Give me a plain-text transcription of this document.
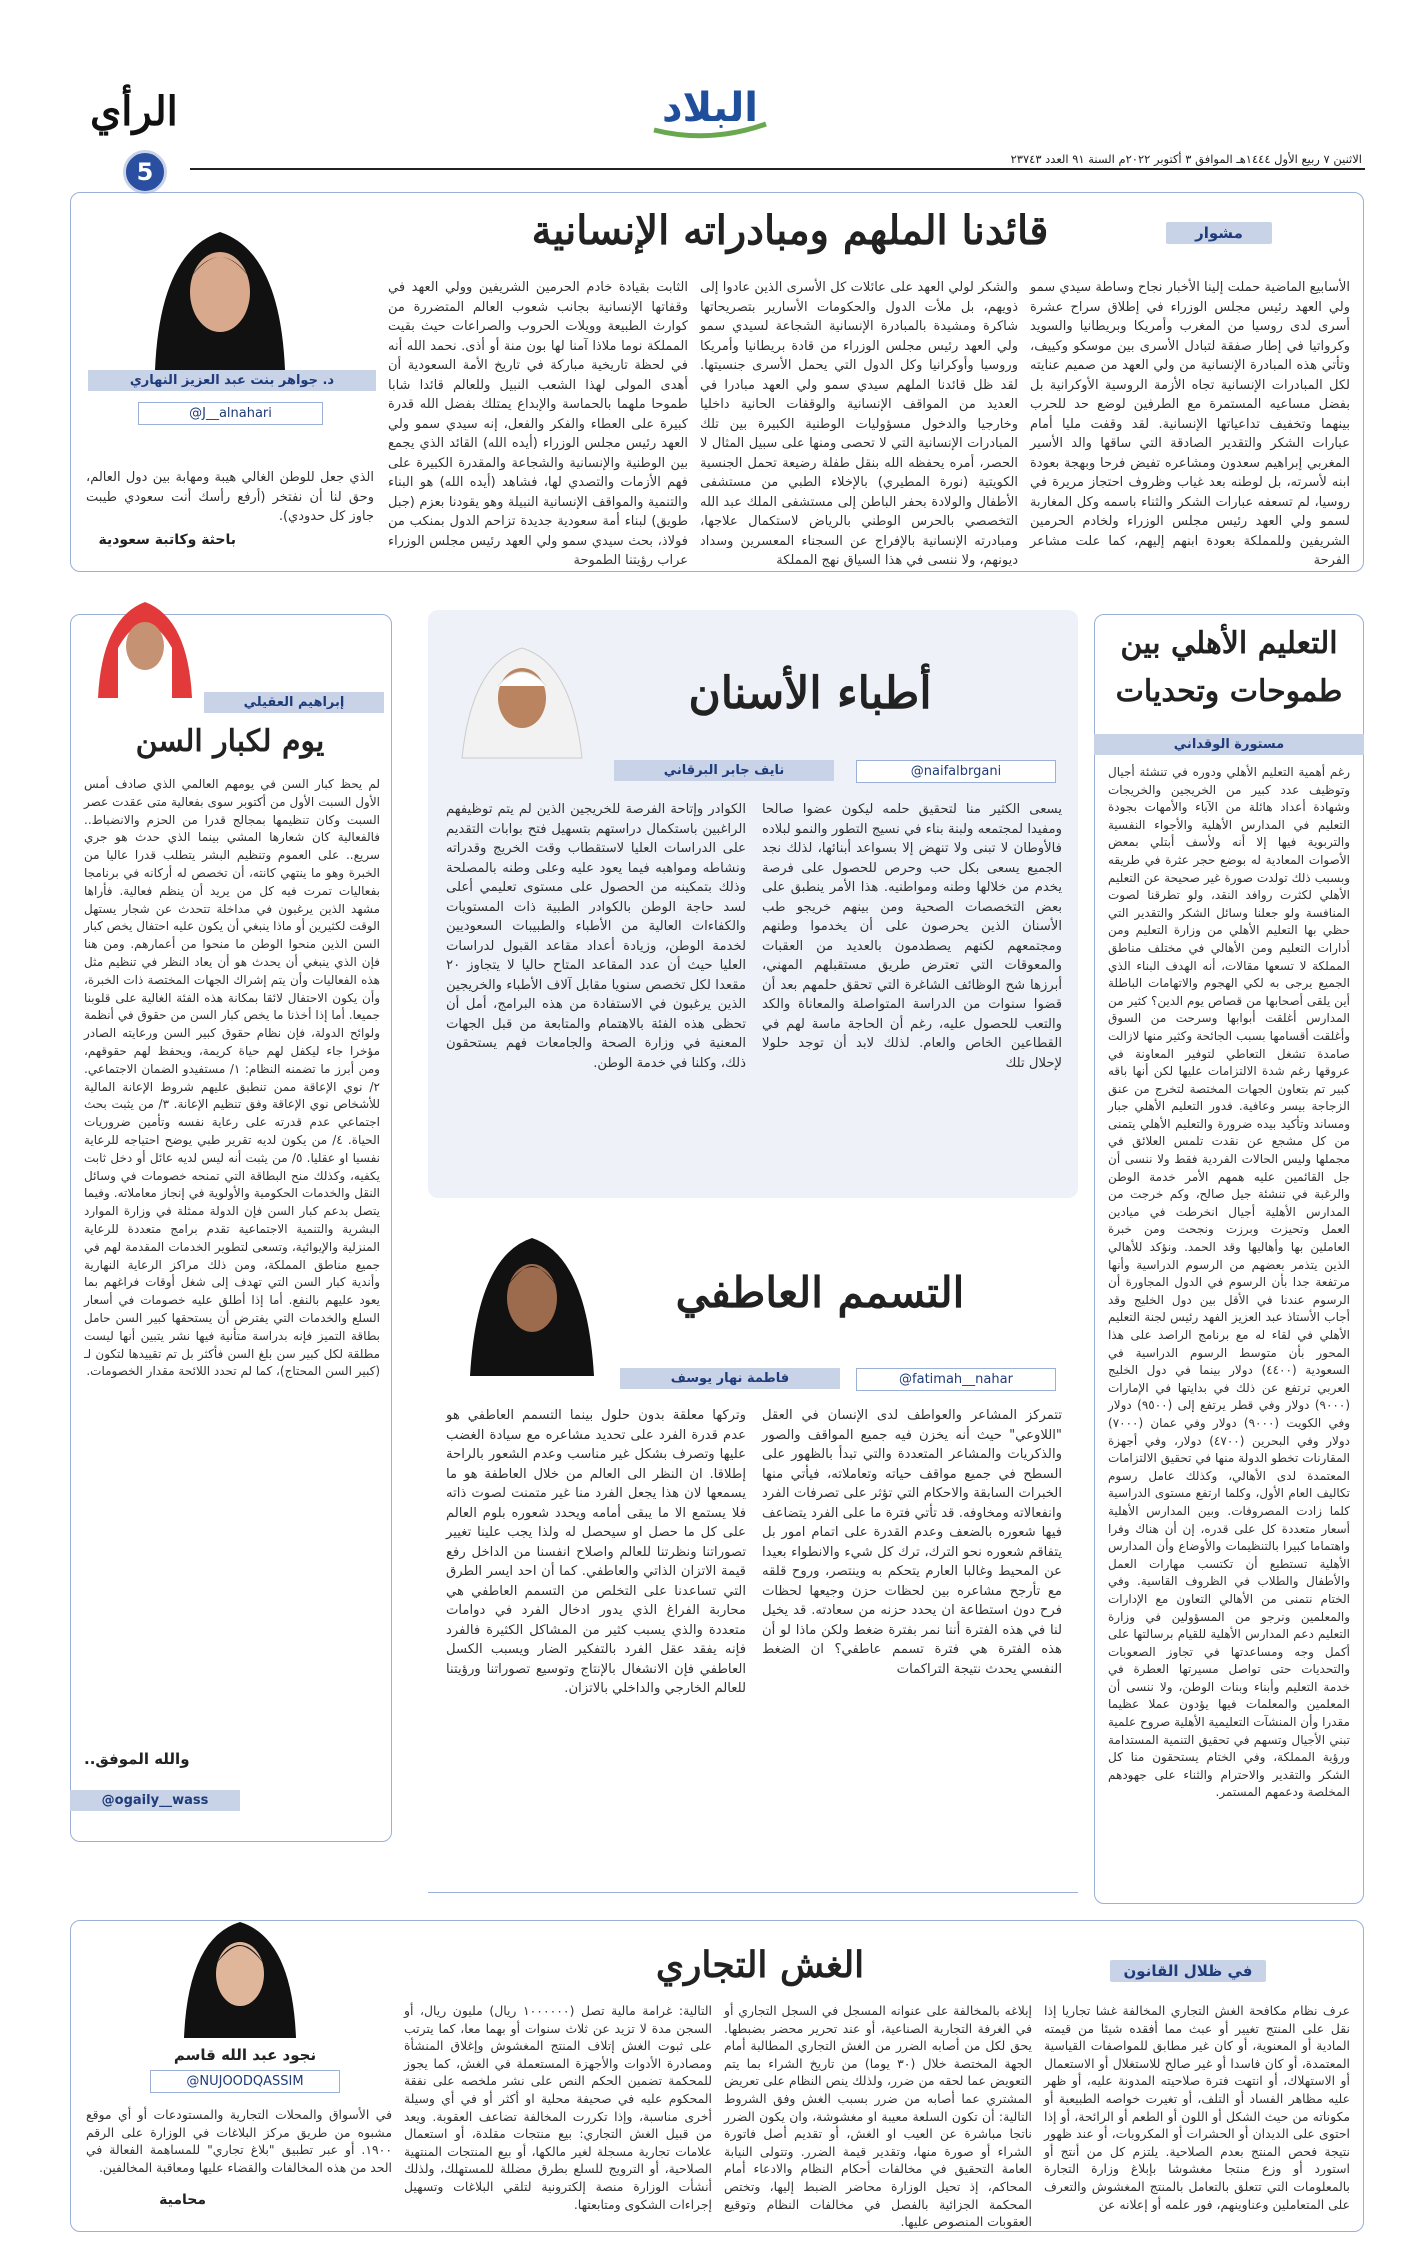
الرأي
5
البلاد
الاثنين ٧ ربيع الأول ١٤٤٤هـ الموافق ٣ أكتوبر ٢٠٢٢م السنة ٩١ العدد ٢٣٧٤٣
مشوار
قائدنا الملهم ومبادراته الإنسانية
د. جواهر بنت عبد العزيز النهاري
@J__alnahari
الأسابيع الماضية حملت إلينا الأخبار نجاح وساطة سيدي سمو ولي العهد رئيس مجلس الوزراء في إطلاق سراح عشرة أسرى لدى روسيا من المغرب وأمريكا وبريطانيا والسويد وكرواتيا في إطار صفقة لتبادل الأسرى بين موسكو وكييف، وتأتي هذه المبادرة الإنسانية من ولي العهد من صميم عنايته لكل المبادرات الإنسانية تجاه الأزمة الروسية الأوكرانية بل بفضل مساعيه المستمرة مع الطرفين لوضع حد للحرب بينهما وتخفيف تداعياتها الإنسانية. لقد وقفت مليا أمام عبارات الشكر والتقدير الصادقة التي ساقها والد الأسير المغربي إبراهيم سعدون ومشاعره تفيض فرحا وبهجة بعودة ابنه لأسرته، بل لوطنه بعد غياب وظروف احتجاز مريرة في روسيا، لم تسعفه عبارات الشكر والثناء باسمه وكل المغاربة لسمو ولي العهد رئيس مجلس الوزراء ولخادم الحرمين الشريفين وللمملكة بعودة ابنهم إليهم، كما علت مشاعر الفرحة
والشكر لولي العهد على عائلات كل الأسرى الذين عادوا إلى ذويهم، بل ملأت الدول والحكومات الأسارير بتصريحاتها شاكرة ومشيدة بالمبادرة الإنسانية الشجاعة لسيدي سمو ولي العهد رئيس مجلس الوزراء من قادة بريطانيا وأمريكا وروسيا وأوكرانيا وكل الدول التي يحمل الأسرى جنسيتها. لقد ظل قائدنا الملهم سيدي سمو ولي العهد مبادرا في العديد من المواقف الإنسانية والوقفات الحانية داخليا وخارجيا والدخول مسؤوليات الوطنية الكبيرة بين تلك المبادرات الإنسانية التي لا تحصى ومنها على سبيل المثال لا الحصر، أمره يحفظه الله بنقل طفلة رضيعة تحمل الجنسية الكويتية (نورة المطيري) بالإخلاء الطبي من مستشفى الأطفال والولادة بحفر الباطن إلى مستشفى الملك عبد الله التخصصي بالحرس الوطني بالرياض لاستكمال علاجها، ومبادرته الإنسانية بالإفراج عن السجناء المعسرين وسداد ديونهم، ولا ننسى في هذا السياق نهج المملكة
الثابت بقيادة خادم الحرمين الشريفين وولي العهد في وقفاتها الإنسانية بجانب شعوب العالم المتضررة من كوارث الطبيعة وويلات الحروب والصراعات حيث بقيت المملكة نوما ملاذا آمنا لها بون منة أو أذى. نحمد الله أنه في لحظة تاريخية مباركة في تاريخ الأمة السعودية أن أهدى المولى لهذا الشعب النبيل وللعالم قائدا شابا طموحا ملهما بالحماسة والإبداع يمتلك بفضل الله قدرة كبيرة على العطاء والفكر والفعل، إنه سيدي سمو ولي العهد رئيس مجلس الوزراء (أيده الله) القائد الذي يجمع بين الوطنية والإنسانية والشجاعة والمقدرة الكبيرة على فهم الأزمات والتصدي لها، فشاهد (أيده الله) هو البناء والتنمية والمواقف الإنسانية النبيلة وهو يقودنا بعزم (جبل طويق) لبناء أمة سعودية جديدة تزاحم الدول بمنكب من فولاذ، بحث سيدي سمو ولي العهد رئيس مجلس الوزراء عراب رؤيتنا الطموحة
الذي جعل للوطن الغالي هيبة ومهابة بين دول العالم، وحق لنا أن نفتخر (أرفع رأسك أنت سعودي طيبت جاوز كل حدودي).
باحثة وكاتبة سعودية
التعليم الأهلي بين
طموحات وتحديات
مستورة الوقداني
رغم أهمية التعليم الأهلي ودوره في تنشئة أجيال وتوظيف عدد كبير من الخريجين والخريجات وشهادة أعداد هائلة من الآباء والأمهات بجودة التعليم في المدارس الأهلية والأجواء النفسية والتربوية فيها إلا أنه ولأسف أبتلي بمعض الأصوات المعادية له بوضع حجر عثرة في طريقه وبسبب ذلك تولدت صورة غير صحيحة عن التعليم الأهلي لكثرت روافد النقد، ولو تطرقنا لصوت المنافسة ولو جعلنا وسائل الشكر والتقدير التي حظي بها التعليم الأهلي من وزارة التعليم ومن أدارات التعليم ومن الأهالي في مختلف مناطق المملكة لا تسعها مقالات، أنه الهدف البناء الذي الجميع يرجى به لكي الهجوم والاتهامات الباطلة أين يلقى أصحابها من قصاص يوم الدين؟ كثير من المدارس أغلقت أبوابها وسرحت من السوق وأغلقت أقسامها بسبب الجائحة وكثير منها لازالت صامدة تشغل التعاطي لتوفير المعاونة في عروقها رغم شدة الالتزامات عليها لكن أنها باقه كبير تم بتعاون الجهات المختصة لتخرج من عنق الزجاجة بيسر وعافية. فدور التعليم الأهلي جبار ومساند وتأكيد بيده ضرورة والتعليم الأهلي يتمنى من كل مشجع عن نقدت تلمس العلائق في مجملها وليس الحالات الفردية فقط ولا ننسى أن جل القائمين عليه همهم الأمر خدمة الوطن والرغبة في تنشئة جيل صالح، وكم خرجت من المدارس الأهلية أجيال انخرطت في ميادين العمل وتحيزت وبرزت ونجحت ومن خبرة العاملين بها وأهاليها وقد الحمد. ونؤكد للأهالي الذين يتذمر بعضهم من الرسوم الدراسية وأنها مرتفعة جدا بأن الرسوم في الدول المجاورة أن الرسوم عندنا في الأقل بين دول الخليج وقد أجاب الأستاذ عبد العزيز الفهد رئيس لجنة التعليم الأهلي في لقاء له مع برنامج الراصد على هذا المحور بأن متوسط الرسوم الدراسية في السعودية (٤٤٠٠) دولار بينما في دول الخليج العربي ترتفع عن ذلك في بدايتها في الإمارات (٩٠٠٠) دولار وفي قطر يرتفع إلى (٩٥٠٠) دولار وفي الكويت (٩٠٠٠) دولار وفي عمان (٧٠٠٠) دولار وفي البحرين (٤٧٠٠) دولار، وفي أجهزة المقارنات تخطو الدولة منها في تحقيق الالتزامات المعتمدة لدى الأهالي، وكذلك عامل رسوم تكاليف العام الأول، وكلما ارتفع مستوى الدراسية كلما زادت المصروفات. وبين المدارس الأهلية أسعار متعددة كل على قدره، إن أن هناك وفرا واهتماما كبيرا بالتنظيمات والأوضاع وأن المدارس الأهلية تستطيع أن تكتسب مهارات العمل والأطفال والطلاب في الظروف القاسية. وفي الختام نتمنى من الأهالي التعاون مع الإدارات والمعلمين ونرجو من المسؤولين في وزارة التعليم دعم المدارس الأهلية للقيام برسالتها على أكمل وجه ومساعدتها في تجاوز الصعوبات والتحديات حتى تواصل مسيرتها العطرة في خدمة التعليم وأبناء وبنات الوطن، ولا ننسى أن المعلمين والمعلمات فيها يؤدون عملا عظيما مقدرا وأن المنشآت التعليمية الأهلية صروح علمية تبني الأجيال وتسهم في تحقيق التنمية المستدامة ورؤية المملكة، وفي الختام يستحقون منا كل الشكر والتقدير والاحترام والثناء على جهودهم المخلصة ودعمهم المستمر.
أطباء الأسنان
نايف جابر البرقاني	@naifalbrgani
يسعى الكثير منا لتحقيق حلمه ليكون عضوا صالحا ومفيدا لمجتمعه ولبنة بناء في نسيج التطور والنمو لبلاده فالأوطان لا تبنى ولا تنهض إلا بسواعد أبنائها، لذلك نجد الجميع يسعى بكل حب وحرص للحصول على فرصة يخدم من خلالها وطنه ومواطنيه. هذا الأمر ينطبق على بعض التخصصات الصحية ومن بينهم خريجو طب الأسنان الذين يحرصون على أن يخدموا وطنهم ومجتمعهم لكنهم يصطدمون بالعديد من العقبات والمعوقات التي تعترض طريق مستقبلهم المهني، أبرزها شح الوظائف الشاغرة التي تحقق حلمهم بعد أن قضوا سنوات من الدراسة المتواصلة والمعاناة والكد والتعب للحصول عليه، رغم أن الحاجة ماسة لهم في القطاعين الخاص والعام. لذلك لابد أن توجد حلولا لإحلال تلك
الكوادر وإتاحة الفرصة للخريجين الذين لم يتم توظيفهم الراغبين باستكمال دراستهم بتسهيل فتح بوابات التقديم على الدراسات العليا لاستقطاب وقت الخريج وقدراته ونشاطه ومواهبه فيما يعود عليه وعلى وطنه بالمصلحة وذلك بتمكينه من الحصول على مستوى تعليمي أعلى لسد حاجة الوطن بالكوادر الطبية ذات المستويات والكفاءات العالية من الأطباء والطبيبات السعوديين لخدمة الوطن، وزيادة أعداد مقاعد القبول لدراسات العليا حيث أن عدد المقاعد المتاح حاليا لا يتجاوز ٢٠ مقعدا لكل تخصص سنويا مقابل آلاف الأطباء والخريجين الذين يرغبون في الاستفادة من هذه البرامج، أمل أن تحظى هذه الفئة بالاهتمام والمتابعة من قبل الجهات المعنية في وزارة الصحة والجامعات فهم يستحقون ذلك، وكلنا في خدمة الوطن.
التسمم العاطفي
فاطمة نهار يوسف	@fatimah__nahar
تتمركز المشاعر والعواطف لدى الإنسان في العقل "اللاوعي" حيث أنه يخزن فيه جميع المواقف والصور والذكريات والمشاعر المتعددة والتي تبدأ بالظهور على السطح في جميع مواقف حياته وتعاملاته، فيأتي منها الخبرات السابقة والاحكام التي تؤثر على تصرفات الفرد وانفعالاته ومخاوفه. قد تأتي فترة ما على الفرد يتضاعف فيها شعوره بالضعف وعدم القدرة على اتمام امور بل يتفاقم شعوره نحو الترك، ترك كل شيء والانطواء بعيدا عن المحيط وغالبا العارم يتحكم به وينتصر، وروح قلقه مع تأرجح مشاعره بين لحظات حزن وجيعها لحظات فرح دون استطاعة ان يحدد حزنه من سعادته. قد يخيل لنا في هذه الفترة أننا نمر بفترة ضغط ولكن ماذا لو أن هذه الفترة هي فترة تسمم عاطفي؟ ان الضغط النفسي يحدث نتيجة التراكمات
وتركها معلقة بدون حلول بينما التسمم العاطفي هو عدم قدرة الفرد على تحديد مشاعره مع سيادة الغضب عليها وتصرف بشكل غير مناسب وعدم الشعور بالراحة إطلاقا. ان النظر الى العالم من خلال العاطفة هو ما يسمعها لان هذا يجعل الفرد منا غير متمنت لصوت ذاته فلا يستمع الا ما يبقى أمامه ويحدد شعوره بلوم العالم على كل ما حصل او سيحصل له ولذا يجب علينا تغيير تصوراتنا ونظرتنا للعالم واصلاح انفسنا من الداخل رفع قيمة الاتزان الذاتي والعاطفي. كما أن احد ايسر الطرق التي تساعدنا على التخلص من التسمم العاطفي هي محاربة الفراغ الذي يدور ادخال الفرد في دوامات متعددة والذي يسبب كثير من المشاكل الكثيرة فالفرد فإنه يفقد عقل الفرد بالتفكير الضار ويسبب الكسل العاطفي فإن الانشغال بالإنتاج وتوسيع تصوراتنا ورؤيتنا للعالم الخارجي والداخلي بالاتزان.
إبراهيم العقيلي
يوم لكبار السن
لم يحظ كبار السن في يومهم العالمي الذي صادف أمس الأول السبت الأول من أكتوبر سوى بفعالية متى عقدت عصر السبت وكان تنظيمها بمجالج قدرا من الحزم والانضباط.. فالفعالية كان شعارها المشي بينما الذي حدث هو جري سريع.. على العموم وتنظيم البشر يتطلب قدرا عاليا من الخبرة وهو ما ينتهي كانته، أن تخصص له أركانه في برنامجا بفعاليات تمرت فيه كل من يريد أن ينظم فعالية. فأراها مشهد الذين يرغبون في مداخلة تتحدث عن شجار يستهل الوقت لكثيرين أو ماذا ينبغي أن يكون عليه احتفال يخص كبار السن الذين منحوا الوطن ما منحوا من أعمارهم. ومن هنا فإن الذي ينبغي أن يحدث هو أن يعاد النظر في تنظيم مثل هذه الفعاليات وأن يتم إشراك الجهات المختصة ذات الخبرة، وأن يكون الاحتفال لائقا بمكانة هذه الفئة الغالية على قلوبنا جميعا. أما إذا أخذنا ما يخص كبار السن من حقوق في أنظمة ولوائح الدولة، فإن نظام حقوق كبير السن ورعايته الصادر مؤخرا جاء ليكفل لهم حياة كريمة، ويحفظ لهم حقوقهم، ومن أبرز ما تضمنه النظام: ١/ مستفيدو الضمان الاجتماعي. ٢/ نوي الإعاقة ممن تنطبق عليهم شروط الإعانة المالية للأشخاص نوي الإعاقة وفق تنظيم الإعانة. ٣/ من يثبت بحث اجتماعي عدم قدرته على رعاية نفسه وتأمين ضروريات الحياة. ٤/ من يكون لديه تقرير طبي يوضح احتياجه للرعاية نفسيا او عقليا. ٥/ من يثبت أنه ليس لديه عائل أو دخل ثابت يكفيه، وكذلك منح البطاقة التي تمنحه خصومات في وسائل النقل والخدمات الحكومية والأولوية في إنجاز معاملاته. وفيما يتصل بدعم كبار السن فإن الدولة ممثلة في وزارة الموارد البشرية والتنمية الاجتماعية تقدم برامج متعددة للرعاية المنزلية والإيوائية، وتسعى لتطوير الخدمات المقدمة لهم في جميع مناطق المملكة، ومن ذلك مراكز الرعاية النهارية وأندية كبار السن التي تهدف إلى شغل أوقات فراغهم بما يعود عليهم بالنفع. أما إذا أطلق عليه خصومات في أسعار السلع والخدمات التي يفترض أن يستحقها كبير السن حامل بطاقة التميز فإنه بدراسة متأنية فيها نشر يتبين أنها ليست مطلقة لكل كبير سن بلغ السن فأكثر بل تم تقييدها لتكون لـ (كبير السن المحتاج)، كما لم تحدد اللائحة مقدار الخصومات.
والله الموفق..
@ogaily__wass
في ظلال القانون
الغش التجاري
نجود عبد الله قاسم
@NUJOODQASSIM
عرف نظام مكافحة الغش التجاري المخالفة غشا تجاريا إذا نقل على المنتج تغيير أو عبث مما أفقده شيئا من قيمته المادية أو المعنوية، أو كان غير مطابق للمواصفات القياسية المعتمدة، أو كان فاسدا أو غير صالح للاستغلال أو الاستعمال أو الاستهلاك، أو انتهت فترة صلاحيته المدونة عليه، أو ظهر عليه مظاهر الفساد أو التلف، أو تغيرت خواصه الطبيعية أو مكوناته من حيث الشكل أو اللون أو الطعم أو الرائحة، أو إذا احتوى على الديدان أو الحشرات أو المكروبات، أو عند ظهور نتيجة فحص المنتج بعدم الصلاحية. يلتزم كل من أنتج أو استورد أو وزع منتجا مغشوشا بإبلاغ وزارة التجارة بالمعلومات التي تتعلق بالتعامل بالمنتج المغشوش والتعرف على المتعاملين وعناوينهم، فور علمه أو إعلانه عن
إبلاغه بالمخالفة على عنوانه المسجل في السجل التجاري أو في الغرفة التجارية الصناعية، أو عند تحرير محضر بضبطها. يحق لكل من أصابه الضرر من الغش التجاري المطالبة أمام الجهة المختصة خلال (٣٠ يوما) من تاريخ الشراء بما يتم التعويض عما لحقه من ضرر، ولذلك ينص النظام على تعريض المشتري عما أصابه من ضرر بسبب الغش وفق الشروط التالية: أن تكون السلعة معيبة او مغشوشة، وان يكون الضرر ناتجا مباشرة عن العيب او الغش، أو تقديم أصل فاتورة الشراء أو صورة منها، وتقدير قيمة الضرر. وتتولى النيابة العامة التحقيق في مخالفات أحكام النظام والادعاء أمام المحاكم، إذ تحيل الوزارة محاضر الضبط إليها، وتختص المحكمة الجزائية بالفصل في مخالفات النظام وتوقيع العقوبات المنصوص عليها.
التالية: غرامة مالية تصل (١٠٠٠٠٠٠ ريال) مليون ريال، أو السجن مدة لا تزيد عن ثلاث سنوات أو بهما معا، كما يترتب على ثبوت الغش إتلاف المنتج المغشوش وإغلاق المنشأة ومصادرة الأدوات والأجهزة المستعملة في الغش، كما يجوز للمحكمة تضمين الحكم النص على نشر ملخصه على نفقة المحكوم عليه في صحيفة محلية او أكثر أو في أي وسيلة أخرى مناسبة، وإذا تكررت المخالفة تضاعف العقوبة. ويعد من قبيل الغش التجاري: بيع منتجات مقلدة، أو استعمال علامات تجارية مسجلة لغير مالكها، أو بيع المنتجات المنتهية الصلاحية، أو الترويج للسلع بطرق مضللة للمستهلك، ولذلك أنشأت الوزارة منصة إلكترونية لتلقي البلاغات وتسهيل إجراءات الشكوى ومتابعتها.
في الأسواق والمحلات التجارية والمستودعات أو أي موقع مشبوه من طريق مركز البلاغات في الوزارة على الرقم ١٩٠٠. أو عبر تطبيق "بلاغ تجاري" للمساهمة الفعالة في الحد من هذه المخالفات والقضاء عليها ومعاقبة المخالفين.
محامية
